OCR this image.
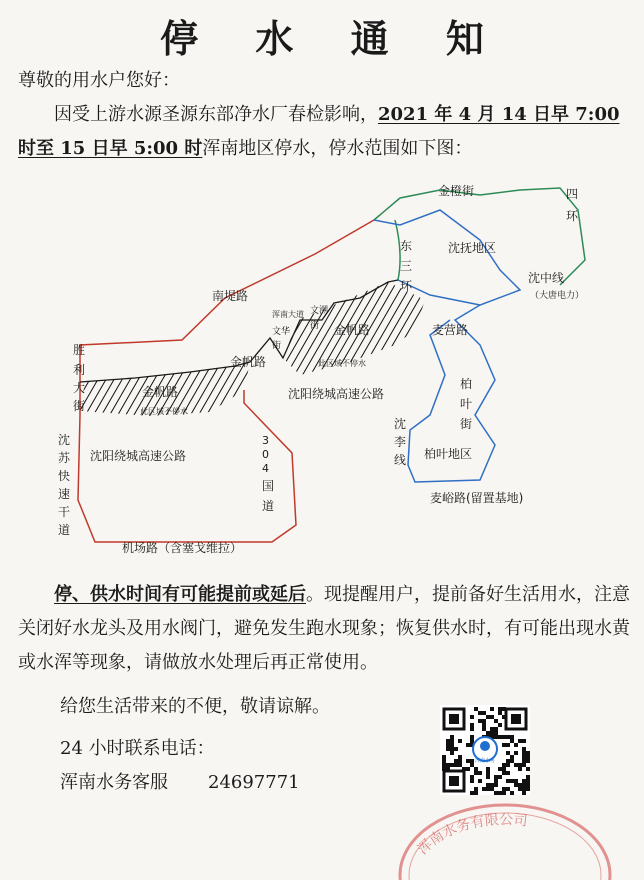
停 水 通 知
尊敬的用水户您好：
因受上游水源圣源东部净水厂春检影响，2021 年 4 月 14 日早 7:00 时至 15 日早 5:00 时浑南地区停水，停水范围如下图：
金橙街	四
环
东
三
环
沈抚地区
沈中线
（大唐电力）
南堤路
浑南大道
文华
街
文溯
街 金帆路	麦营路
金帆路	此区域不停水
胜
利
大
街
金帆路	沈阳绕城高速公路
此区域不停水
柏
叶
街
沈
苏
快
速
干
道
沈
李
线 柏叶地区
沈阳绕城高速公路
3
0
4
国
道
麦峪路(留置基地)
机场路（含塞戈维拉）
停、供水时间有可能提前或延后。现提醒用户，提前备好生活用水，注意关闭好水龙头及用水阀门，避免发生跑水现象；恢复供水时，有可能出现水黄或水浑等现象，请做放水处理后再正常使用。
给您生活带来的不便，敬请谅解。
24 小时联系电话：
浑南水务客服 24697771
浑南水务有限公司
浑南水务
